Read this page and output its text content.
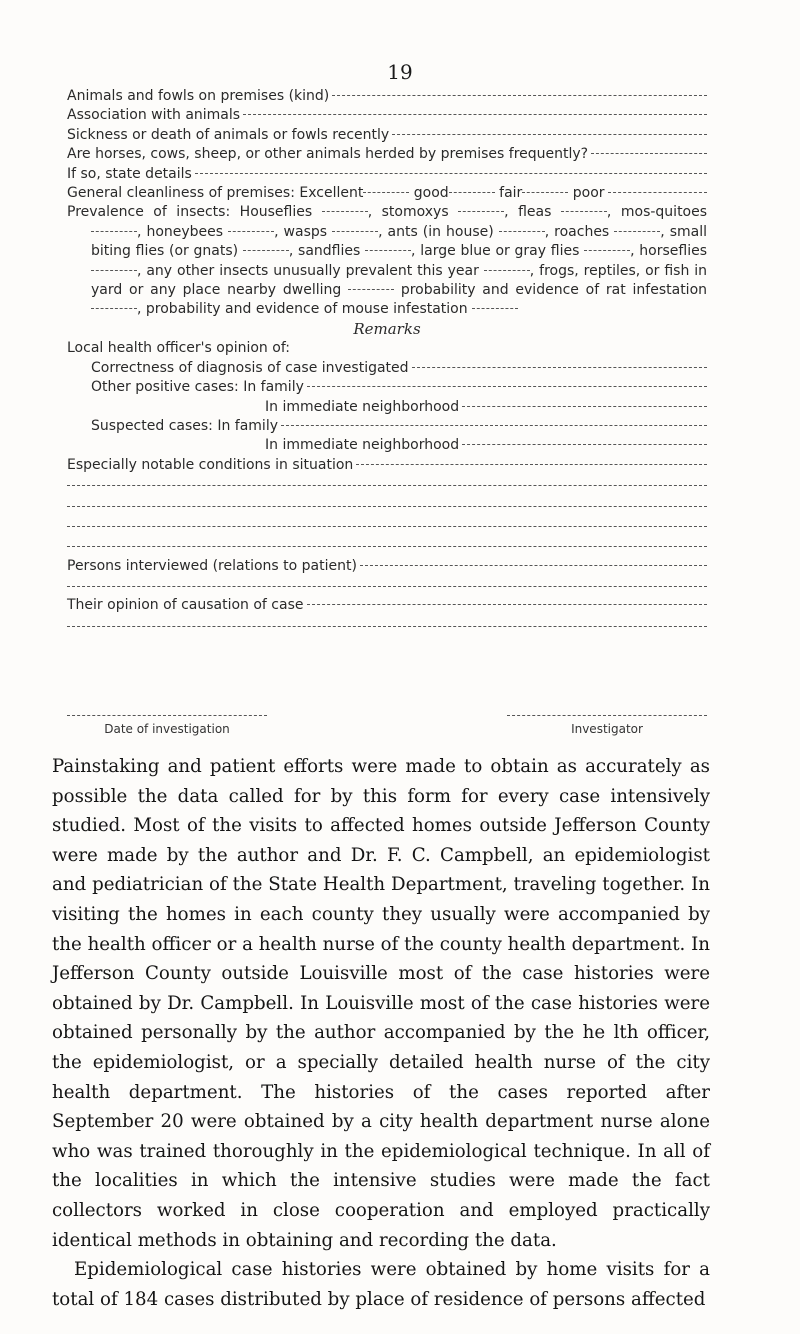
19
Animals and fowls on premises (kind)
Association with animals
Sickness or death of animals or fowls recently
Are horses, cows, sheep, or other animals herded by premises frequently?
If so, state details
General cleanliness of premises: Excellent
	good
	fair
	poor
Prevalence of insects: Houseflies	, stomoxys	, fleas	, mos-quitoes , honeybees	, wasps	, ants (in house)	, roaches	, small biting flies (or gnats)	, sandflies	, large blue or gray flies	, horseflies , any other insects unusually prevalent this year	, frogs, reptiles, or fish in yard or any place nearby dwelling	probability and evidence of rat infestation , probability and evidence of mouse infestation
Remarks
Local health officer's opinion of:
Correctness of diagnosis of case investigated
Other positive cases: In family
In immediate neighborhood
Suspected cases: In family
In immediate neighborhood
Especially notable conditions in situation
Persons interviewed (relations to patient)
Their opinion of causation of case
Date of investigation	Investigator

Painstaking and patient efforts were made to obtain as accurately as possible the data called for by this form for every case intensively studied. Most of the visits to affected homes outside Jefferson County were made by the author and Dr. F. C. Campbell, an epidemiologist and pediatrician of the State Health Department, traveling together. In visiting the homes in each county they usually were accompanied by the health officer or a health nurse of the county health department. In Jefferson County outside Louisville most of the case histories were obtained by Dr. Campbell. In Louisville most of the case histories were obtained personally by the author accompanied by the he lth officer, the epidemiologist, or a specially detailed health nurse of the city health department. The histories of the cases reported after September 20 were obtained by a city health department nurse alone who was trained thoroughly in the epidemiological technique. In all of the localities in which the intensive studies were made the fact collectors worked in close cooperation and employed practically identical methods in obtaining and recording the data.

Epidemiological case histories were obtained by home visits for a total of 184 cases distributed by place of residence of persons affected
